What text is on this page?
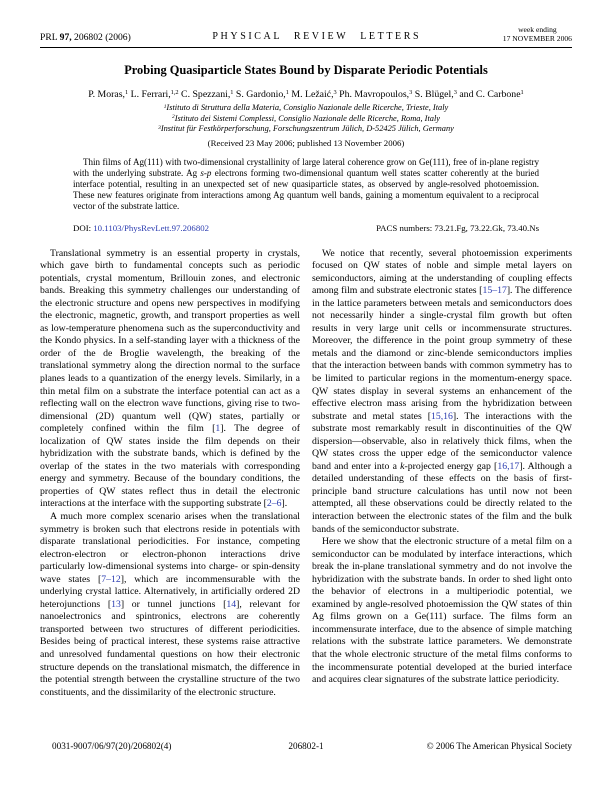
PRL 97, 206802 (2006)	PHYSICAL REVIEW LETTERS
week ending
17 NOVEMBER 2006
Probing Quasiparticle States Bound by Disparate Periodic Potentials
P. Moras,$^1$ L. Ferrari,$^{1,2}$ C. Spezzani,$^1$ S. Gardonio,$^1$ M. Ležaić,$^3$ Ph. Mavropoulos,$^3$ S. Blügel,$^3$ and C. Carbone$^1$
$^1$Istituto di Struttura della Materia, Consiglio Nazionale delle Ricerche, Trieste, Italy
$^2$Istituto dei Sistemi Complessi, Consiglio Nazionale delle Ricerche, Roma, Italy
$^3$Institut für Festkörperforschung, Forschungszentrum Jülich, D-52425 Jülich, Germany
(Received 23 May 2006; published 13 November 2006)
Thin films of Ag(111) with two-dimensional crystallinity of large lateral coherence grow on Ge(111), free of in-plane registry with the underlying substrate. Ag s-p electrons forming two-dimensional quantum well states scatter coherently at the buried interface potential, resulting in an unexpected set of new quasiparticle states, as observed by angle-resolved photoemission. These new features originate from interactions among Ag quantum well bands, gaining a momentum equivalent to a reciprocal vector of the substrate lattice.
DOI: 10.1103/PhysRevLett.97.206802	PACS numbers: 73.21.Fg, 73.22.Gk, 73.40.Ns

Translational symmetry is an essential property in crystals, which gave birth to fundamental concepts such as periodic potentials, crystal momentum, Brillouin zones, and electronic bands. Breaking this symmetry challenges our understanding of the electronic structure and opens new perspectives in modifying the electronic, magnetic, growth, and transport properties as well as low-temperature phenomena such as the superconductivity and the Kondo physics. In a self-standing layer with a thickness of the order of the de Broglie wavelength, the breaking of the translational symmetry along the direction normal to the surface planes leads to a quantization of the energy levels. Similarly, in a thin metal film on a substrate the interface potential can act as a reflecting wall on the electron wave functions, giving rise to two-dimensional (2D) quantum well (QW) states, partially or completely confined within the film [1]. The degree of localization of QW states inside the film depends on their hybridization with the substrate bands, which is defined by the overlap of the states in the two materials with corresponding energy and symmetry. Because of the boundary conditions, the properties of QW states reflect thus in detail the electronic interactions at the interface with the supporting substrate [2–6].

A much more complex scenario arises when the translational symmetry is broken such that electrons reside in potentials with disparate translational periodicities. For instance, competing electron-electron or electron-phonon interactions drive particularly low-dimensional systems into charge- or spin-density wave states [7–12], which are incommensurable with the underlying crystal lattice. Alternatively, in artificially ordered 2D heterojunctions [13] or tunnel junctions [14], relevant for nanoelectronics and spintronics, electrons are coherently transported between two structures of different periodicities. Besides being of practical interest, these systems raise attractive and unresolved fundamental questions on how their electronic structure depends on the translational mismatch, the difference in the potential strength between the crystalline structure of the two constituents, and the dissimilarity of the electronic structure.

We notice that recently, several photoemission experiments focused on QW states of noble and simple metal layers on semiconductors, aiming at the understanding of coupling effects among film and substrate electronic states [15–17]. The difference in the lattice parameters between metals and semiconductors does not necessarily hinder a single-crystal film growth but often results in very large unit cells or incommensurate structures. Moreover, the difference in the point group symmetry of these metals and the diamond or zinc-blende semiconductors implies that the interaction between bands with common symmetry has to be limited to particular regions in the momentum-energy space. QW states display in several systems an enhancement of the effective electron mass arising from the hybridization between substrate and metal states [15,16]. The interactions with the substrate most remarkably result in discontinuities of the QW dispersion—observable, also in relatively thick films, when the QW states cross the upper edge of the semiconductor valence band and enter into a k-projected energy gap [16,17]. Although a detailed understanding of these effects on the basis of first-principle band structure calculations has until now not been attempted, all these observations could be directly related to the interaction between the electronic states of the film and the bulk bands of the semiconductor substrate.

Here we show that the electronic structure of a metal film on a semiconductor can be modulated by interface interactions, which break the in-plane translational symmetry and do not involve the hybridization with the substrate bands. In order to shed light onto the behavior of electrons in a multiperiodic potential, we examined by angle-resolved photoemission the QW states of thin Ag films grown on a Ge(111) surface. The films form an incommensurate interface, due to the absence of simple matching relations with the substrate lattice parameters. We demonstrate that the whole electronic structure of the metal films conforms to the incommensurate potential developed at the buried interface and acquires clear signatures of the substrate lattice periodicity.

0031-9007/06/97(20)/206802(4)	206802-1	© 2006 The American Physical Society
